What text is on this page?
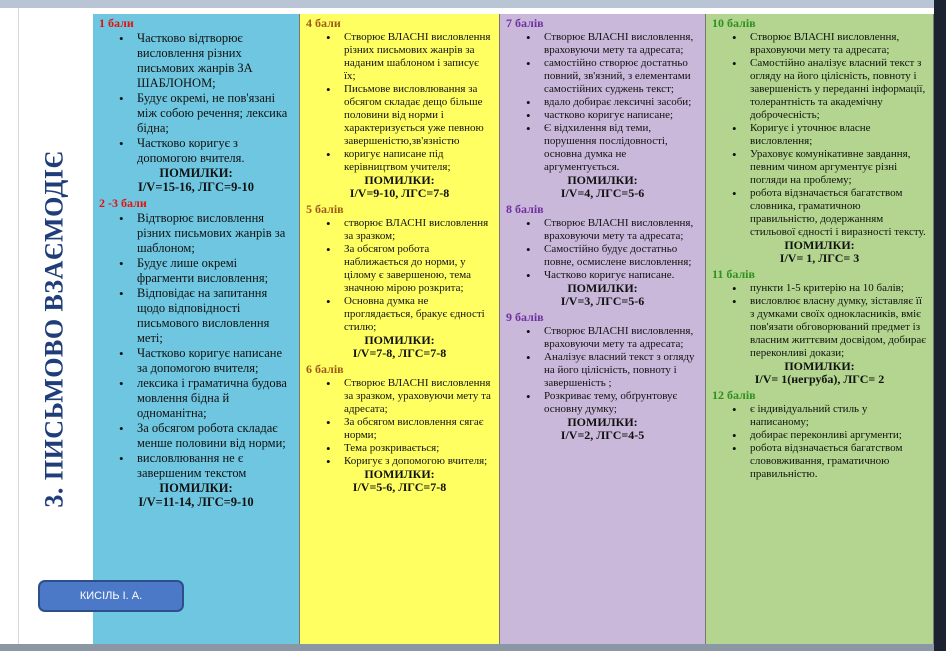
3. ПИСЬМОВО ВЗАЄМОДІЄ
1 бали
• Частково відтворює висловлення різних письмових жанрів ЗА ШАБЛОНОМ;
• Будує окремі, не пов'язані між собою речення; лексика бідна;
• Частково коригує з допомогою вчителя.
ПОМИЛКИ:
І/V=15-16, ЛГС=9-10
2 -3 бали
• Відтворює висловлення різних письмових жанрів за шаблоном;
• Будує лише окремі фрагменти висловлення;
• Відповідає на запитання щодо відповідності письмового висловлення меті;
• Частково коригує написане за допомогою вчителя;
• лексика і граматична будова мовлення бідна й одноманітна;
• За обсягом робота складає менше половини від норми;
• висловлювання не є завершеним текстом
ПОМИЛКИ:
І/V=11-14, ЛГС=9-10
4 бали
• Створює ВЛАСНІ висловлення різних письмових жанрів за наданим шаблоном і записує їх;
• Письмове висловлювання за обсягом складає дещо більше половини від норми і характеризується уже певною завершеністю,зв'язністю
• коригує написане під керівництвом учителя;
ПОМИЛКИ:
І/V=9-10, ЛГС=7-8
5 балів
• створює ВЛАСНІ висловлення за зразком;
• За обсягом робота наближається до норми, у цілому є завершеною, тема значною мірою розкрита;
• Основна думка не проглядається, бракує єдності стилю;
ПОМИЛКИ:
І/V=7-8, ЛГС=7-8
6 балів
• Створює ВЛАСНІ висловлення за зразком, ураховуючи мету та адресата;
• За обсягом висловлення сягає норми;
• Тема розкривається;
• Коригує з допомогою вчителя;
ПОМИЛКИ:
І/V=5-6, ЛГС=7-8
7 балів
• Створює ВЛАСНІ висловлення, враховуючи мету та адресата;
• самостійно створює достатньо повний, зв'язний, з елементами самостійних суджень текст;
• вдало добирає лексичні засоби;
• частково коригує написане;
• Є відхилення від теми, порушення послідовності, основна думка не аргументується.
ПОМИЛКИ:
І/V=4, ЛГС=5-6
8 балів
• Створює ВЛАСНІ висловлення, враховуючи мету та адресата;
• Самостійно будує достатньо повне, осмислене висловлення;
• Частково коригує написане.
ПОМИЛКИ:
І/V=3, ЛГС=5-6
9 балів
• Створює ВЛАСНІ висловлення, враховуючи мету та адресата;
• Аналізує власний текст з огляду на його цілісність, повноту і завершеність ;
• Розкриває тему, обґрунтовує основну думку;
ПОМИЛКИ:
І/V=2, ЛГС=4-5
10 балів
• Створює ВЛАСНІ висловлення, враховуючи мету та адресата;
• Самостійно аналізує власний текст з огляду на його цілісність, повноту і завершеність у переданні інформації, толерантність та академічну доброчесність;
• Коригує і уточнює власне висловлення;
• Ураховує комунікативне завдання, певним чином аргументує різні погляди на проблему;
• робота відзначається багатством словника, граматичною правильністю, додержанням стильової єдності і виразності тексту.
ПОМИЛКИ:
І/V= 1, ЛГС= 3
11 балів
• пункти 1-5 критерію на 10 балів;
• висловлює власну думку, зіставляє її з думками своїх однокласників, вміє пов'язати обговорюваний предмет із власним життєвим досвідом, добирає переконливі докази;
ПОМИЛКИ:
І/V= 1(негруба), ЛГС= 2
12 балів
• є індивідуальний стиль у написаному;
• добирає переконливі аргументи;
• робота відзначається багатством слововживання, граматичною правильністю.
КИСІЛЬ І. А.
